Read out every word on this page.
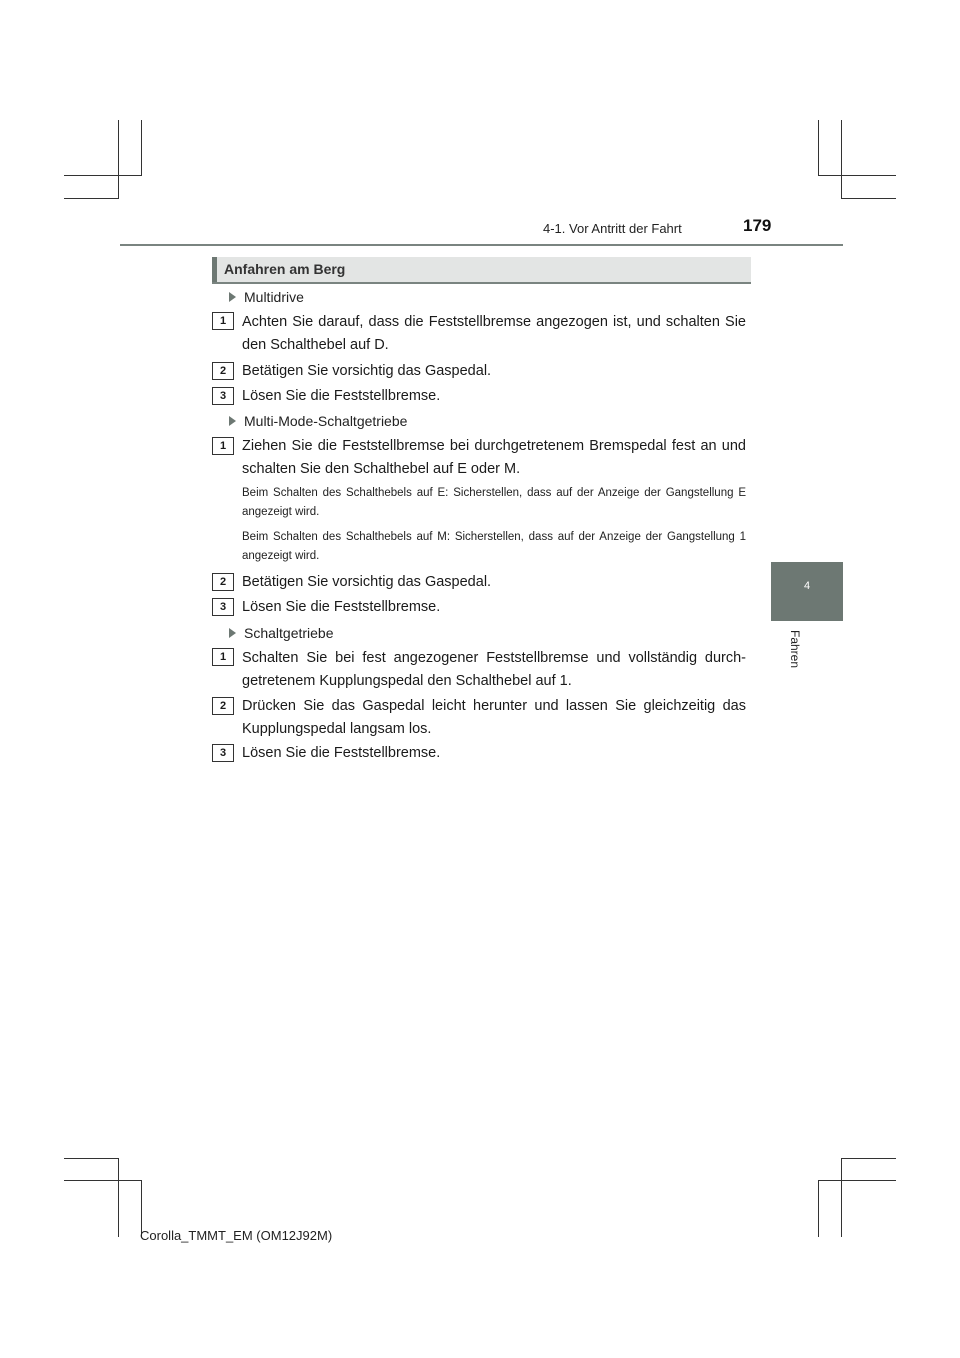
4-1. Vor Antritt der Fahrt	179
4
Fahren
Anfahren am Berg
Multidrive
1	Achten Sie darauf, dass die Feststellbremse angezogen ist, und schalten Sie den Schalthebel auf D.
2	Betätigen Sie vorsichtig das Gaspedal.
3	Lösen Sie die Feststellbremse.
Multi-Mode-Schaltgetriebe
1	Ziehen Sie die Feststellbremse bei durchgetretenem Bremspedal fest an und schalten Sie den Schalthebel auf E oder M.
Beim Schalten des Schalthebels auf E: Sicherstellen, dass auf der Anzeige der Gangstellung E angezeigt wird.
Beim Schalten des Schalthebels auf M: Sicherstellen, dass auf der Anzeige der Gangstellung 1 angezeigt wird.
2	Betätigen Sie vorsichtig das Gaspedal.
3	Lösen Sie die Feststellbremse.
Schaltgetriebe
1	Schalten Sie bei fest angezogener Feststellbremse und vollständig durch-getretenem Kupplungspedal den Schalthebel auf 1.
2	Drücken Sie das Gaspedal leicht herunter und lassen Sie gleichzeitig das Kupplungspedal langsam los.
3	Lösen Sie die Feststellbremse.
Corolla_TMMT_EM (OM12J92M)
